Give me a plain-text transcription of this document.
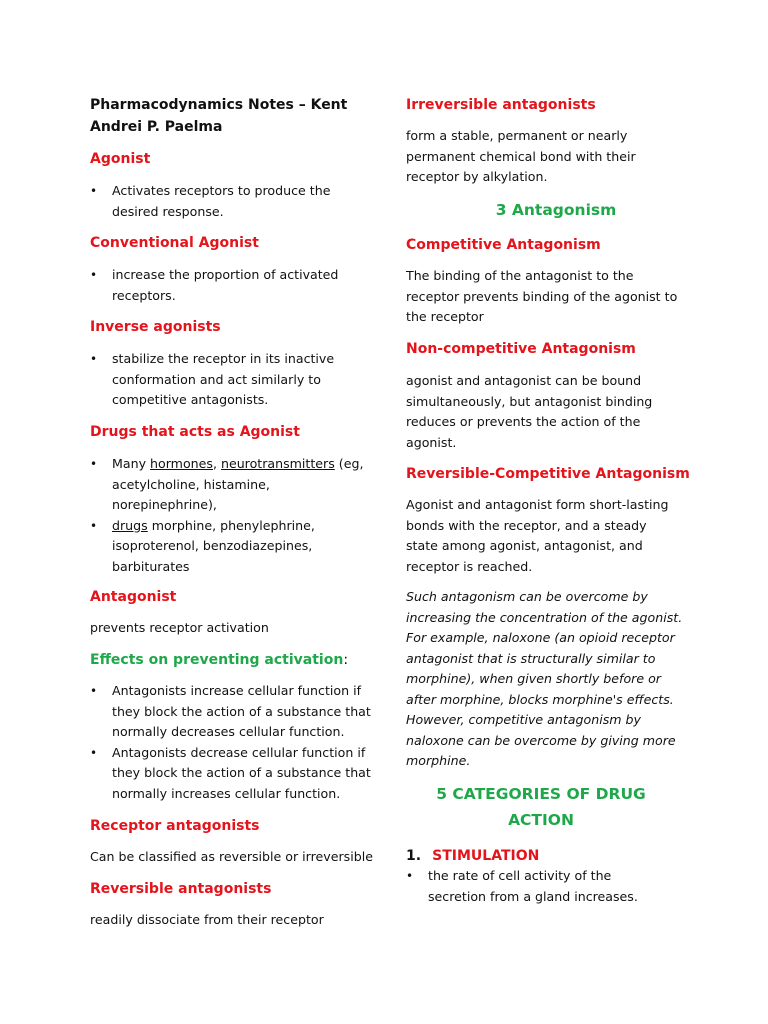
Pharmacodynamics Notes – Kent
Andrei P. Paelma
Agonist
• Activates receptors to produce the desired response.
Conventional Agonist
• increase the proportion of activated receptors.
Inverse agonists
• stabilize the receptor in its inactive conformation and act similarly to competitive antagonists.
Drugs that acts as Agonist
• Many hormones, neurotransmitters (eg, acetylcholine, histamine, norepinephrine),
• drugs morphine, phenylephrine, isoproterenol, benzodiazepines, barbiturates
Antagonist

prevents receptor activation

Effects on preventing activation:
• Antagonists increase cellular function if they block the action of a substance that normally decreases cellular function.
• Antagonists decrease cellular function if they block the action of a substance that normally increases cellular function.
Receptor antagonists

Can be classified as reversible or irreversible

Reversible antagonists

readily dissociate from their receptor

Irreversible antagonists

form a stable, permanent or nearly permanent chemical bond with their receptor by alkylation.

3 Antagonism
Competitive Antagonism

The binding of the antagonist to the receptor prevents binding of the agonist to the receptor

Non-competitive Antagonism

agonist and antagonist can be bound simultaneously, but antagonist binding reduces or prevents the action of the agonist.

Reversible-Competitive Antagonism

Agonist and antagonist form short-lasting bonds with the receptor, and a steady state among agonist, antagonist, and receptor is reached.

Such antagonism can be overcome by increasing the concentration of the agonist. For example, naloxone (an opioid receptor antagonist that is structurally similar to morphine), when given shortly before or after morphine, blocks morphine's effects. However, competitive antagonism by naloxone can be overcome by giving more morphine.

5 CATEGORIES OF DRUG
ACTION
1. STIMULATION
• the rate of cell activity of the secretion from a gland increases.
